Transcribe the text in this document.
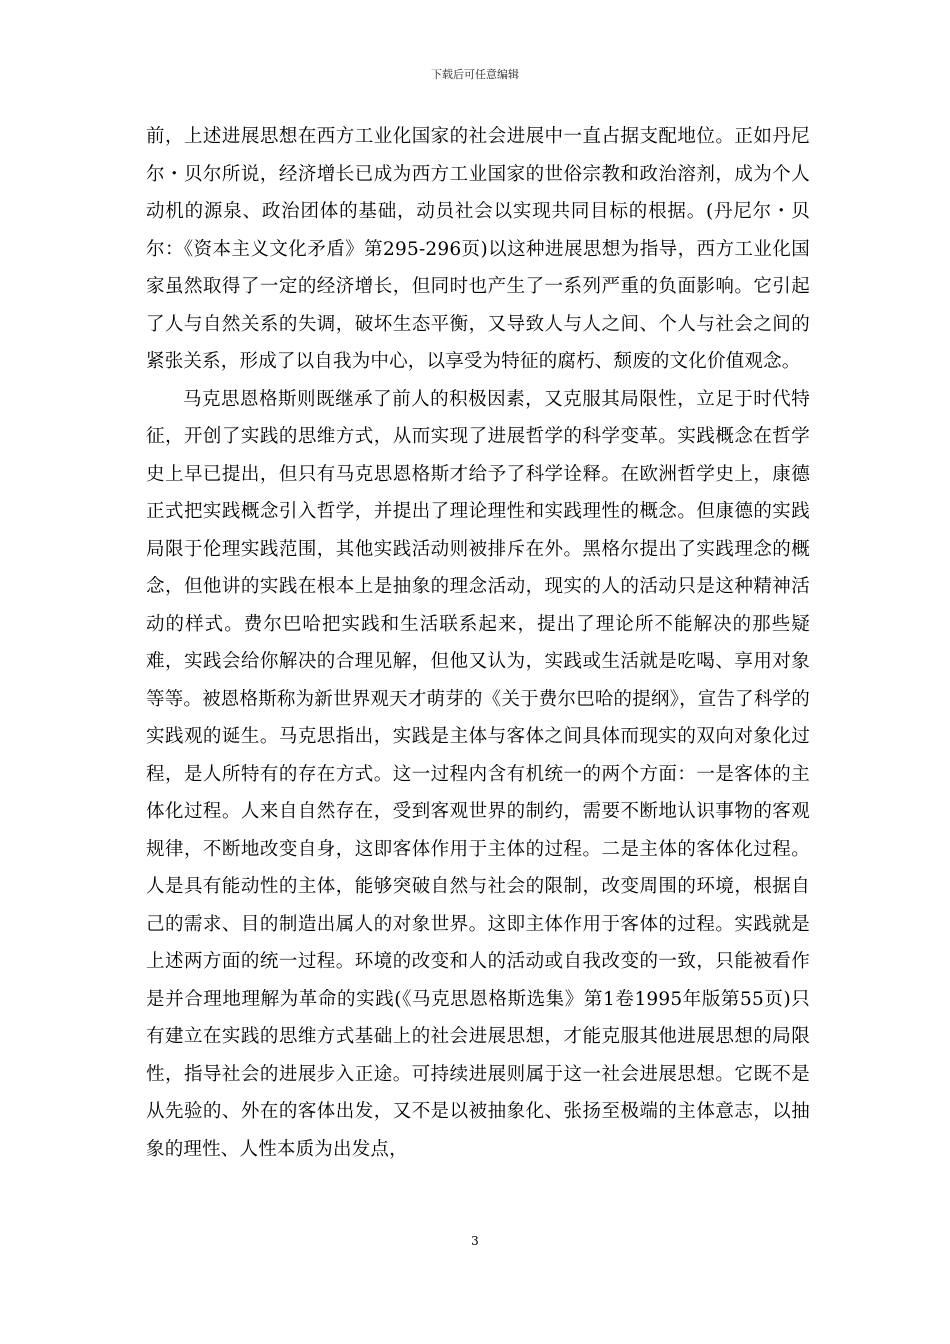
下载后可任意编辑

前，上述进展思想在西方工业化国家的社会进展中一直占据支配地位。正如丹尼尔・贝尔所说，经济增长已成为西方工业国家的世俗宗教和政治溶剂，成为个人动机的源泉、政治团体的基础，动员社会以实现共同目标的根据。(丹尼尔・贝尔：《资本主义文化矛盾》第295-296页)以这种进展思想为指导，西方工业化国家虽然取得了一定的经济增长，但同时也产生了一系列严重的负面影响。它引起了人与自然关系的失调，破坏生态平衡，又导致人与人之间、个人与社会之间的紧张关系，形成了以自我为中心，以享受为特征的腐朽、颓废的文化价值观念。

马克思恩格斯则既继承了前人的积极因素，又克服其局限性，立足于时代特征，开创了实践的思维方式，从而实现了进展哲学的科学变革。实践概念在哲学史上早已提出，但只有马克思恩格斯才给予了科学诠释。在欧洲哲学史上，康德正式把实践概念引入哲学，并提出了理论理性和实践理性的概念。但康德的实践局限于伦理实践范围，其他实践活动则被排斥在外。黑格尔提出了实践理念的概念，但他讲的实践在根本上是抽象的理念活动，现实的人的活动只是这种精神活动的样式。费尔巴哈把实践和生活联系起来，提出了理论所不能解决的那些疑难，实践会给你解决的合理见解，但他又认为，实践或生活就是吃喝、享用对象等等。被恩格斯称为新世界观天才萌芽的《关于费尔巴哈的提纲》，宣告了科学的实践观的诞生。马克思指出，实践是主体与客体之间具体而现实的双向对象化过程，是人所特有的存在方式。这一过程内含有机统一的两个方面：一是客体的主体化过程。人来自自然存在，受到客观世界的制约，需要不断地认识事物的客观规律，不断地改变自身，这即客体作用于主体的过程。二是主体的客体化过程。人是具有能动性的主体，能够突破自然与社会的限制，改变周围的环境，根据自己的需求、目的制造出属人的对象世界。这即主体作用于客体的过程。实践就是上述两方面的统一过程。环境的改变和人的活动或自我改变的一致，只能被看作是并合理地理解为革命的实践(《马克思恩格斯选集》第1卷1995年版第55页)只有建立在实践的思维方式基础上的社会进展思想，才能克服其他进展思想的局限性，指导社会的进展步入正途。可持续进展则属于这一社会进展思想。它既不是从先验的、外在的客体出发，又不是以被抽象化、张扬至极端的主体意志，以抽象的理性、人性本质为出发点，

3
